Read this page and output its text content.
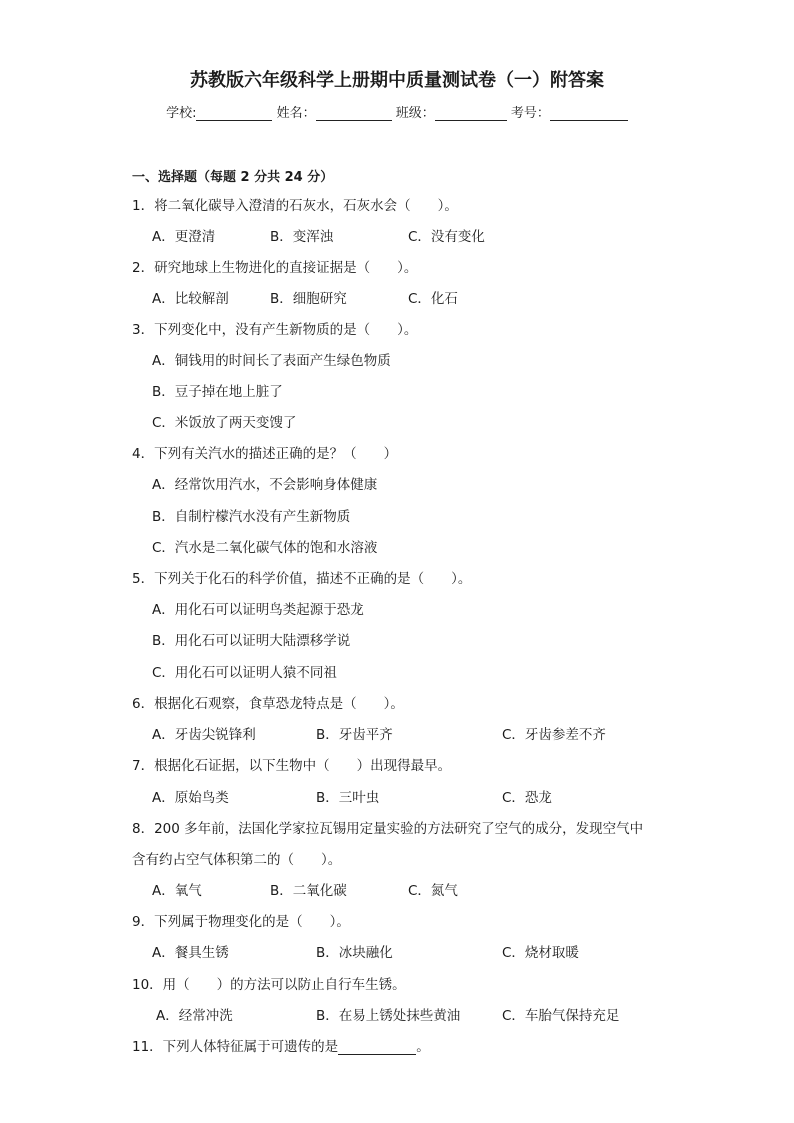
苏教版六年级科学上册期中质量测试卷（一）附答案
学校:	姓名：	班级：	考号：
一、选择题（每题 2 分共 24 分）
1．将二氧化碳导入澄清的石灰水，石灰水会（　　）。
A．更澄清	B．变浑浊	C．没有变化
2．研究地球上生物进化的直接证据是（　　）。
A．比较解剖	B．细胞研究	C．化石
3．下列变化中，没有产生新物质的是（　　）。
A．铜钱用的时间长了表面产生绿色物质
B．豆子掉在地上脏了
C．米饭放了两天变馊了
4．下列有关汽水的描述正确的是？（　　）
A．经常饮用汽水，不会影响身体健康
B．自制柠檬汽水没有产生新物质
C．汽水是二氧化碳气体的饱和水溶液
5．下列关于化石的科学价值，描述不正确的是（　　）。
A．用化石可以证明鸟类起源于恐龙
B．用化石可以证明大陆漂移学说
C．用化石可以证明人猿不同祖
6．根据化石观察，食草恐龙特点是（　　）。
A．牙齿尖锐锋利	B．牙齿平齐	C．牙齿参差不齐
7．根据化石证据，以下生物中（　　）出现得最早。
A．原始鸟类	B．三叶虫	C．恐龙
8．200 多年前，法国化学家拉瓦锡用定量实验的方法研究了空气的成分，发现空气中
含有约占空气体积第二的（　　）。
A．氧气	B．二氧化碳	C．氮气
9．下列属于物理变化的是（　　）。
A．餐具生锈	B．冰块融化	C．烧材取暖
10．用（　　）的方法可以防止自行车生锈。
A．经常冲洗	B．在易上锈处抹些黄油	C．车胎气保持充足
11．下列人体特征属于可遗传的是	。
